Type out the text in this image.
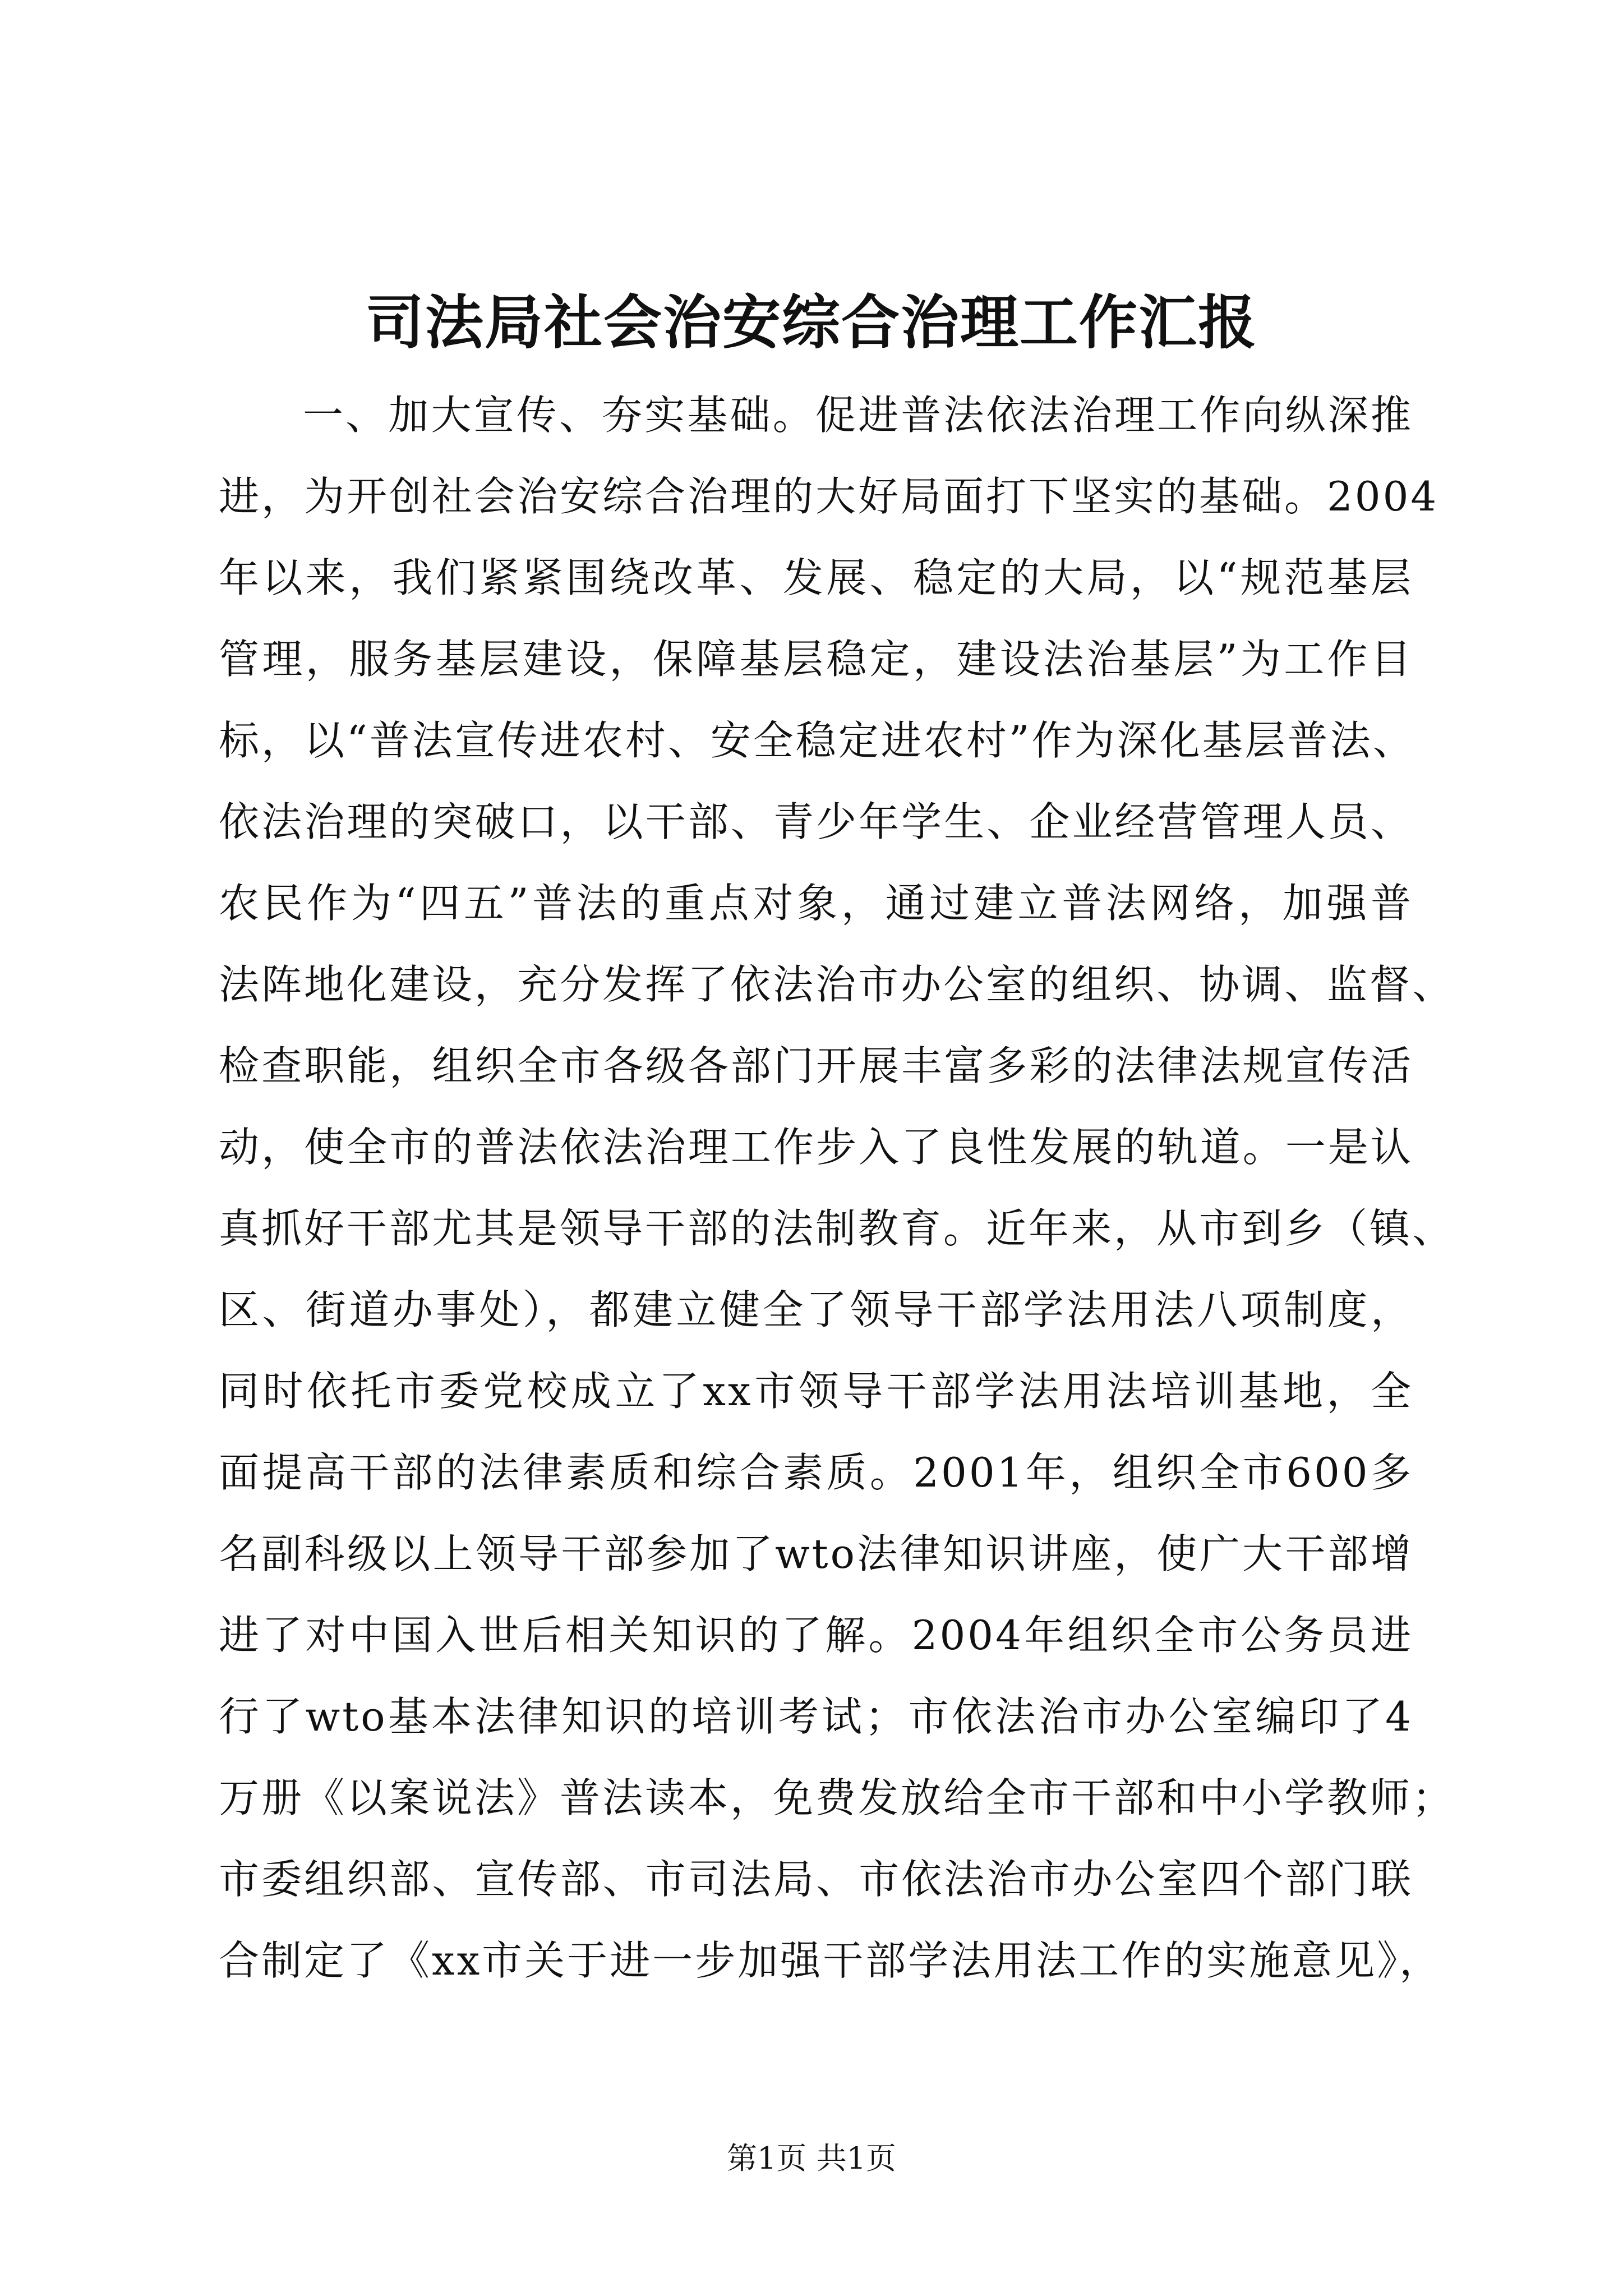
司法局社会治安综合治理工作汇报
一、加大宣传、夯实基础。促进普法依法治理工作向纵深推
进，为开创社会治安综合治理的大好局面打下坚实的基础。2004
年以来，我们紧紧围绕改革、发展、稳定的大局，以“规范基层
管理，服务基层建设，保障基层稳定，建设法治基层”为工作目
标，以“普法宣传进农村、安全稳定进农村”作为深化基层普法、
依法治理的突破口，以干部、青少年学生、企业经营管理人员、
农民作为“四五”普法的重点对象，通过建立普法网络，加强普
法阵地化建设，充分发挥了依法治市办公室的组织、协调、监督、
检查职能，组织全市各级各部门开展丰富多彩的法律法规宣传活
动，使全市的普法依法治理工作步入了良性发展的轨道。一是认
真抓好干部尤其是领导干部的法制教育。近年来，从市到乡（镇、
区、街道办事处），都建立健全了领导干部学法用法八项制度，
同时依托市委党校成立了xx市领导干部学法用法培训基地，全
面提高干部的法律素质和综合素质。2001年，组织全市600多
名副科级以上领导干部参加了wto法律知识讲座，使广大干部增
进了对中国入世后相关知识的了解。2004年组织全市公务员进
行了wto基本法律知识的培训考试；市依法治市办公室编印了4
万册《以案说法》普法读本，免费发放给全市干部和中小学教师；
市委组织部、宣传部、市司法局、市依法治市办公室四个部门联
合制定了《xx市关于进一步加强干部学法用法工作的实施意见》，
第1页 共1页
